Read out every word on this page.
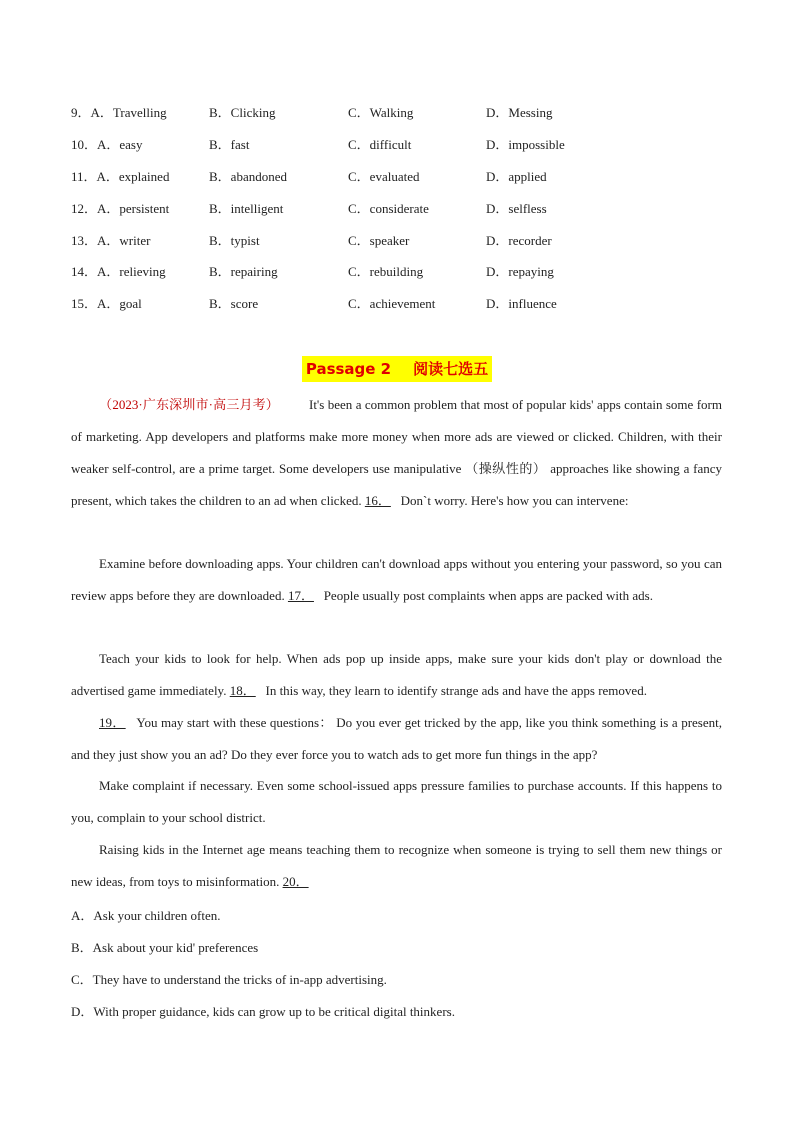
9．A．Travelling	B．Clicking	C．Walking	D．Messing
10．A．easy	B．fast	C．difficult	D．impossible
11．A．explained	B．abandoned	C．evaluated	D．applied
12．A．persistent	B．intelligent	C．considerate	D．selfless
13．A．writer	B．typist	C．speaker	D．recorder
14．A．relieving	B．repairing	C．rebuilding	D．repaying
15．A．goal	B．score	C．achievement	D．influence
Passage 2 阅读七选五
（2023·广东深圳市·高三月考） It's been a common problem that most of popular kids' apps contain some form of marketing. App developers and platforms make more money when more ads are viewed or clicked. Children, with their weaker self-control, are a prime target. Some developers use manipulative （操纵性的） approaches like showing a fancy present, which takes the children to an ad when clicked. 16． Don`t worry. Here's how you can intervene:
Examine before downloading apps. Your children can't download apps without you entering your password, so you can review apps before they are downloaded. 17． People usually post complaints when apps are packed with ads.
Teach your kids to look for help. When ads pop up inside apps, make sure your kids don't play or download the advertised game immediately. 18． In this way, they learn to identify strange ads and have the apps removed.
19． You may start with these questions： Do you ever get tricked by the app, like you think something is a present, and they just show you an ad? Do they ever force you to watch ads to get more fun things in the app?
Make complaint if necessary. Even some school-issued apps pressure families to purchase accounts. If this happens to you, complain to your school district.
Raising kids in the Internet age means teaching them to recognize when someone is trying to sell them new things or new ideas, from toys to misinformation. 20．
A．Ask your children often.
B．Ask about your kid' preferences
C．They have to understand the tricks of in-app advertising.
D．With proper guidance, kids can grow up to be critical digital thinkers.
